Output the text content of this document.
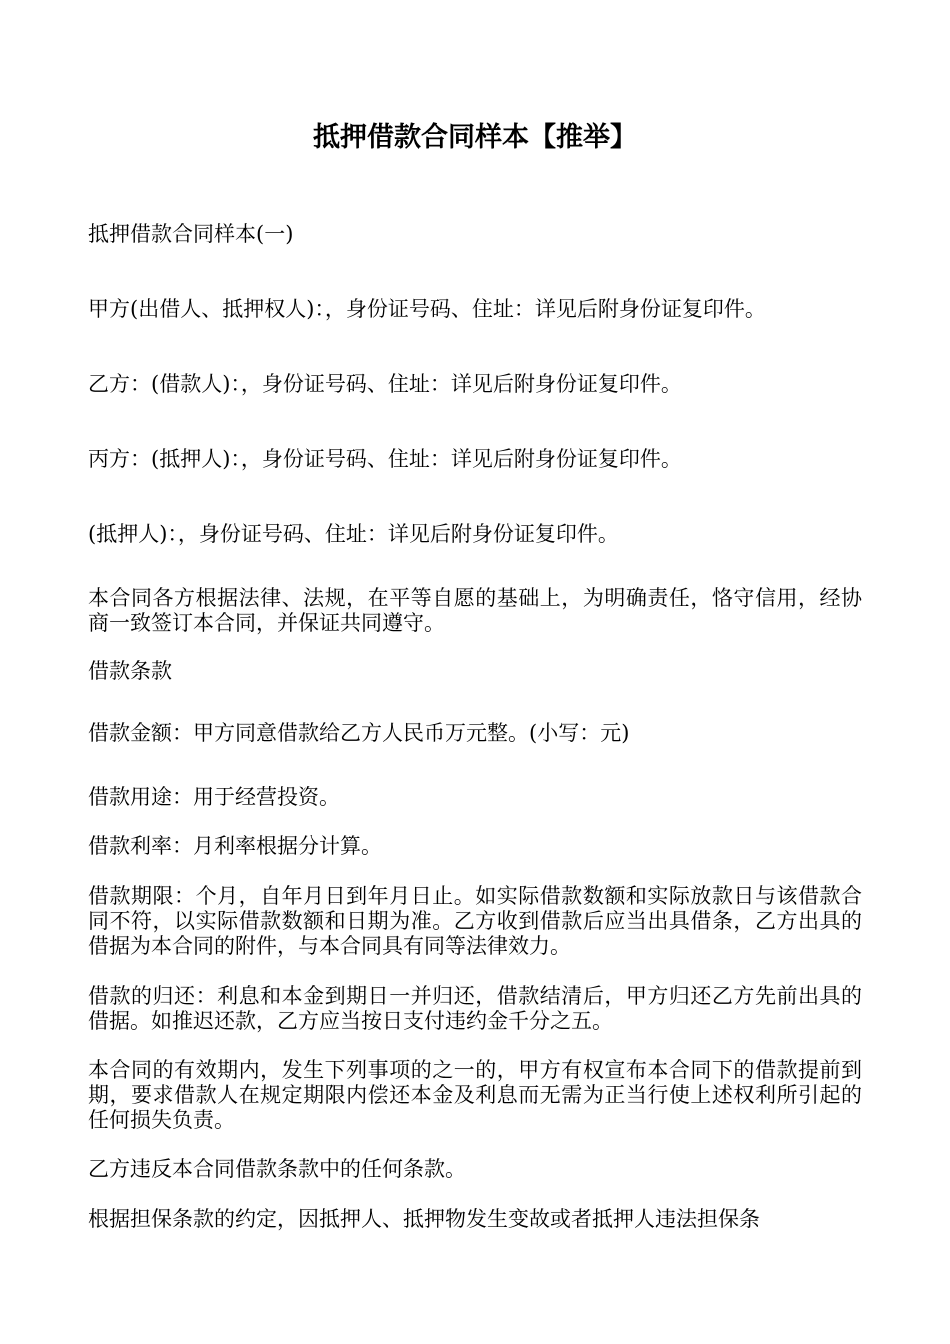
抵押借款合同样本【推举】

抵押借款合同样本(一)

甲方(出借人、抵押权人)：，身份证号码、住址：详见后附身份证复印件。

乙方：(借款人)：，身份证号码、住址：详见后附身份证复印件。

丙方：(抵押人)：，身份证号码、住址：详见后附身份证复印件。

(抵押人)：，身份证号码、住址：详见后附身份证复印件。

本合同各方根据法律、法规，在平等自愿的基础上，为明确责任，恪守信用，经协商一致签订本合同，并保证共同遵守。

借款条款

借款金额：甲方同意借款给乙方人民币万元整。(小写：元)

借款用途：用于经营投资。

借款利率：月利率根据分计算。

借款期限：个月，自年月日到年月日止。如实际借款数额和实际放款日与该借款合同不符，以实际借款数额和日期为准。乙方收到借款后应当出具借条，乙方出具的借据为本合同的附件，与本合同具有同等法律效力。

借款的归还：利息和本金到期日一并归还，借款结清后，甲方归还乙方先前出具的借据。如推迟还款，乙方应当按日支付违约金千分之五。

本合同的有效期内，发生下列事项的之一的，甲方有权宣布本合同下的借款提前到期，要求借款人在规定期限内偿还本金及利息而无需为正当行使上述权利所引起的任何损失负责。

乙方违反本合同借款条款中的任何条款。

根据担保条款的约定，因抵押人、抵押物发生变故或者抵押人违法担保条
